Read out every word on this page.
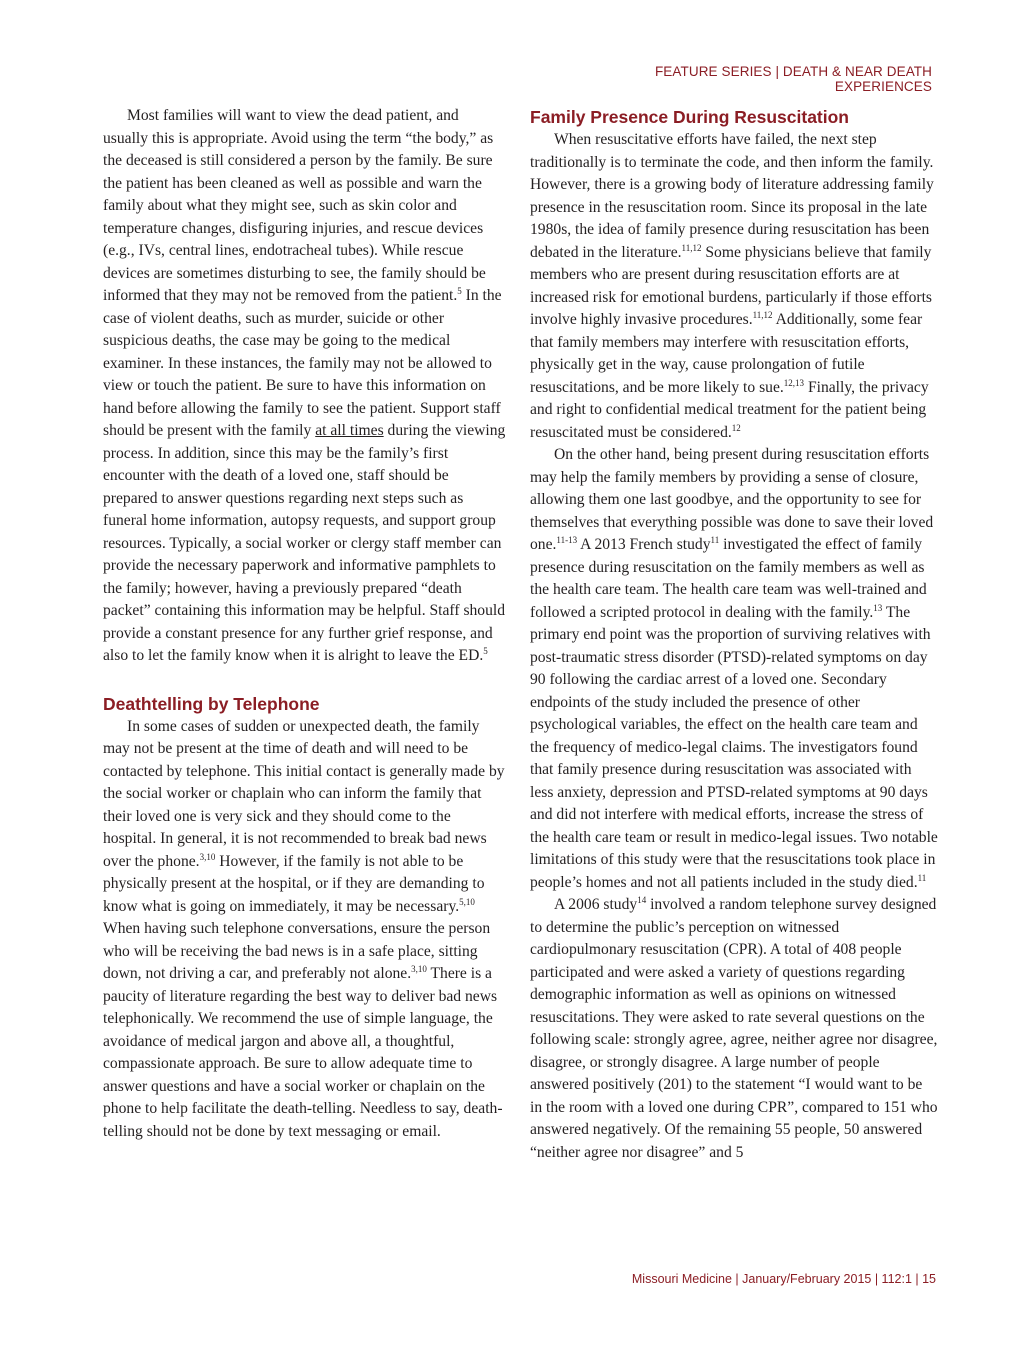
FEATURE SERIES | DEATH & NEAR DEATH EXPERIENCES

Most families will want to view the dead patient, and usually this is appropriate. Avoid using the term “the body,” as the deceased is still considered a person by the family. Be sure the patient has been cleaned as well as possible and warn the family about what they might see, such as skin color and temperature changes, disfiguring injuries, and rescue devices (e.g., IVs, central lines, endotracheal tubes). While rescue devices are sometimes disturbing to see, the family should be informed that they may not be removed from the patient.$^5$ In the case of violent deaths, such as murder, suicide or other suspicious deaths, the case may be going to the medical examiner. In these instances, the family may not be allowed to view or touch the patient. Be sure to have this information on hand before allowing the family to see the patient. Support staff should be present with the family at all times during the viewing process. In addition, since this may be the family’s first encounter with the death of a loved one, staff should be prepared to answer questions regarding next steps such as funeral home information, autopsy requests, and support group resources. Typically, a social worker or clergy staff member can provide the necessary paperwork and informative pamphlets to the family; however, having a previously prepared “death packet” containing this information may be helpful. Staff should provide a constant presence for any further grief response, and also to let the family know when it is alright to leave the ED.$^5$

Deathtelling by Telephone

In some cases of sudden or unexpected death, the family may not be present at the time of death and will need to be contacted by telephone. This initial contact is generally made by the social worker or chaplain who can inform the family that their loved one is very sick and they should come to the hospital. In general, it is not recommended to break bad news over the phone.$^{3,10}$ However, if the family is not able to be physically present at the hospital, or if they are demanding to know what is going on immediately, it may be necessary.$^{5,10}$ When having such telephone conversations, ensure the person who will be receiving the bad news is in a safe place, sitting down, not driving a car, and preferably not alone.$^{3,10}$ There is a paucity of literature regarding the best way to deliver bad news telephonically. We recommend the use of simple language, the avoidance of medical jargon and above all, a thoughtful, compassionate approach. Be sure to allow adequate time to answer questions and have a social worker or chaplain on the phone to help facilitate the death-telling. Needless to say, death-telling should not be done by text messaging or email.

Family Presence During Resuscitation

When resuscitative efforts have failed, the next step traditionally is to terminate the code, and then inform the family. However, there is a growing body of literature addressing family presence in the resuscitation room. Since its proposal in the late 1980s, the idea of family presence during resuscitation has been debated in the literature.$^{11,12}$ Some physicians believe that family members who are present during resuscitation efforts are at increased risk for emotional burdens, particularly if those efforts involve highly invasive procedures.$^{11,12}$ Additionally, some fear that family members may interfere with resuscitation efforts, physically get in the way, cause prolongation of futile resuscitations, and be more likely to sue.$^{12,13}$ Finally, the privacy and right to confidential medical treatment for the patient being resuscitated must be considered.$^{12}$

On the other hand, being present during resuscitation efforts may help the family members by providing a sense of closure, allowing them one last goodbye, and the opportunity to see for themselves that everything possible was done to save their loved one.$^{11-13}$ A 2013 French study$^{11}$ investigated the effect of family presence during resuscitation on the family members as well as the health care team. The health care team was well-trained and followed a scripted protocol in dealing with the family.$^{13}$ The primary end point was the proportion of surviving relatives with post-traumatic stress disorder (PTSD)-related symptoms on day 90 following the cardiac arrest of a loved one. Secondary endpoints of the study included the presence of other psychological variables, the effect on the health care team and the frequency of medico-legal claims. The investigators found that family presence during resuscitation was associated with less anxiety, depression and PTSD-related symptoms at 90 days and did not interfere with medical efforts, increase the stress of the health care team or result in medico-legal issues. Two notable limitations of this study were that the resuscitations took place in people’s homes and not all patients included in the study died.$^{11}$

A 2006 study$^{14}$ involved a random telephone survey designed to determine the public’s perception on witnessed cardiopulmonary resuscitation (CPR). A total of 408 people participated and were asked a variety of questions regarding demographic information as well as opinions on witnessed resuscitations. They were asked to rate several questions on the following scale: strongly agree, agree, neither agree nor disagree, disagree, or strongly disagree. A large number of people answered positively (201) to the statement “I would want to be in the room with a loved one during CPR”, compared to 151 who answered negatively. Of the remaining 55 people, 50 answered “neither agree nor disagree” and 5

Missouri Medicine | January/February 2015 | 112:1 | 15
